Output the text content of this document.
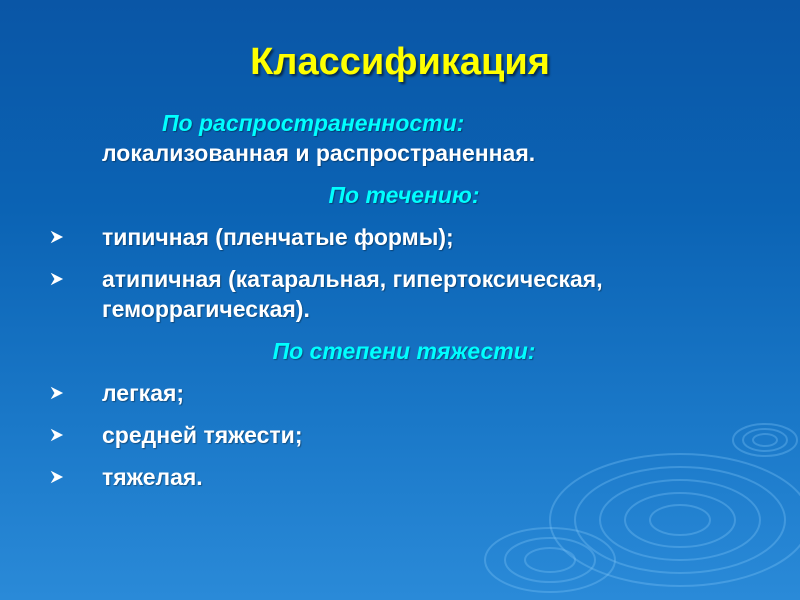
Классификация
По распространенности:
локализованная и распространенная.
По течению:
типичная (пленчатые формы);
атипичная (катаральная, гипертоксическая, геморрагическая).
По степени тяжести:
легкая;
средней тяжести;
тяжелая.
